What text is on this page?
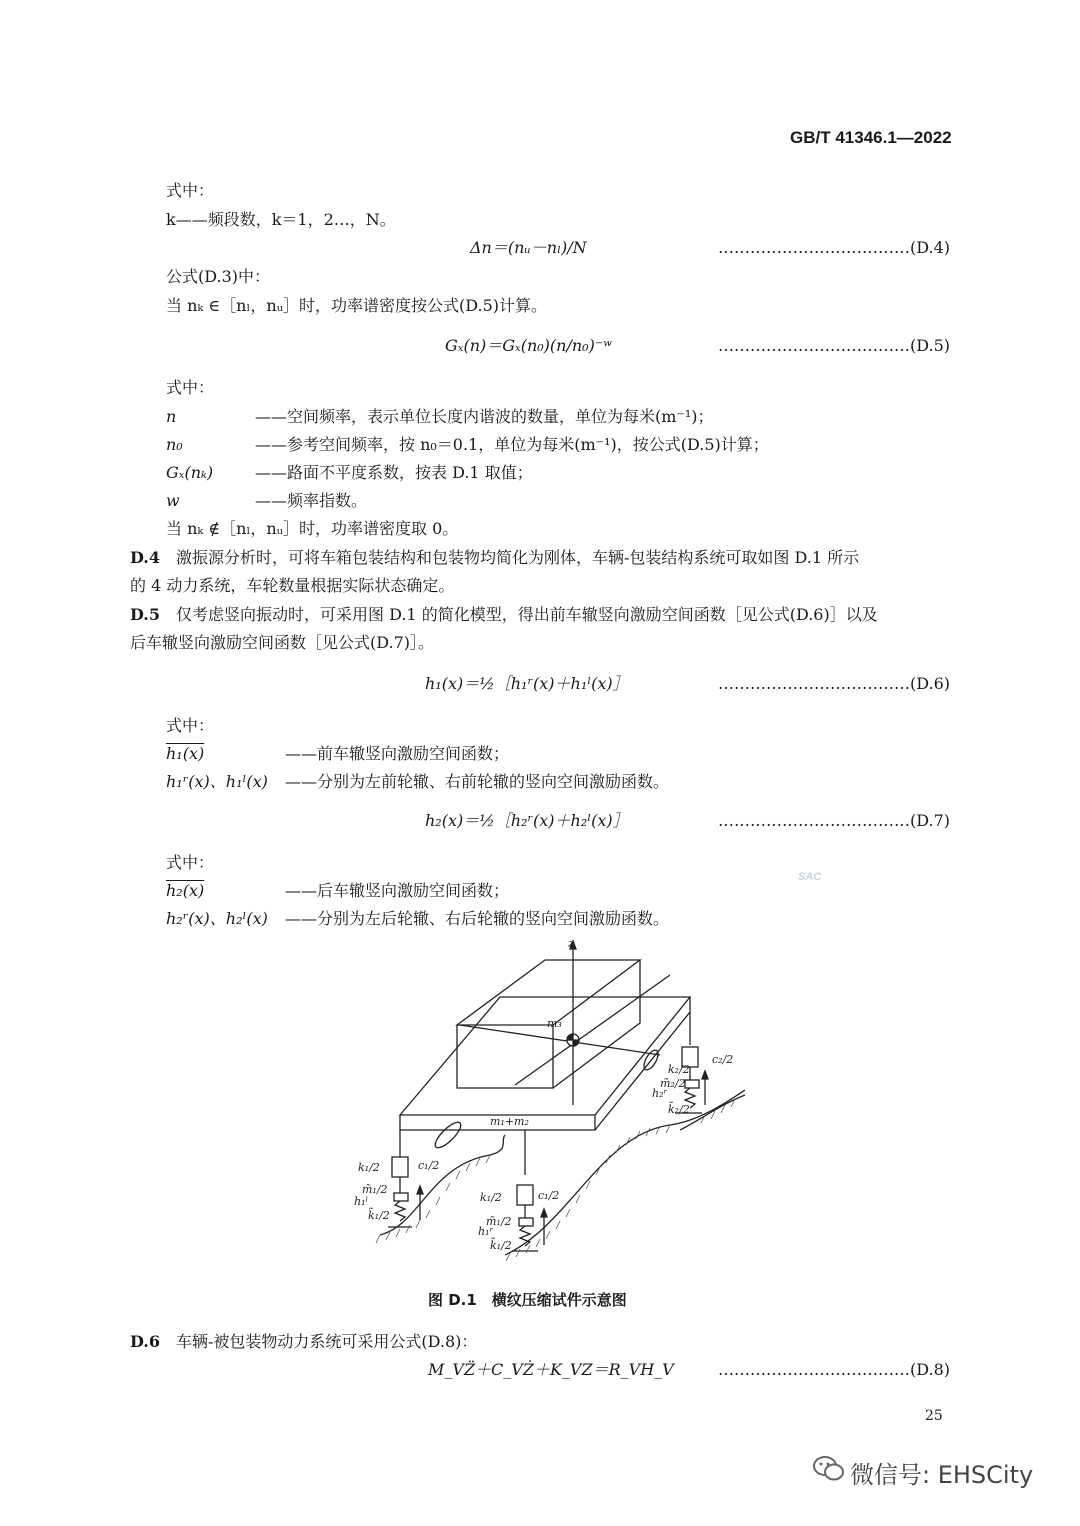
GB/T 41346.1—2022
式中：
k——频段数，k＝1，2…，N。
Δn＝(nᵤ－nₗ)/N	………………………………(D.4)
公式(D.3)中：
当 nₖ ∈［nₗ，nᵤ］时，功率谱密度按公式(D.5)计算。
Gₓ(n)＝Gₓ(n₀)(n/n₀)⁻ʷ	………………………………(D.5)
式中：
n	——空间频率，表示单位长度内谐波的数量，单位为每米(m⁻¹)；
n₀	——参考空间频率，按 n₀＝0.1，单位为每米(m⁻¹)，按公式(D.5)计算；
Gₓ(nₖ)	——路面不平度系数，按表 D.1 取值；
w	——频率指数。
当 nₖ ∉［nₗ，nᵤ］时，功率谱密度取 0。
D.4 激振源分析时，可将车箱包装结构和包装物均简化为刚体，车辆-包装结构系统可取如图 D.1 所示
的 4 动力系统，车轮数量根据实际状态确定。
D.5 仅考虑竖向振动时，可采用图 D.1 的简化模型，得出前车辙竖向激励空间函数［见公式(D.6)］以及
后车辙竖向激励空间函数［见公式(D.7)］。
h₁(x)＝½［h₁ʳ(x)＋h₁ˡ(x)］	………………………………(D.6)
式中：
h₁(x)	——前车辙竖向激励空间函数；
h₁ʳ(x)、h₁ˡ(x) ——分别为左前轮辙、右前轮辙的竖向空间激励函数。
h₂(x)＝½［h₂ʳ(x)＋h₂ˡ(x)］	………………………………(D.7)
式中：
h₂(x)	——后车辙竖向激励空间函数；
h₂ʳ(x)、h₂ˡ(x) ——分别为左后轮辙、右后轮辙的竖向空间激励函数。
z
m₃
m₁+m₂
k₂/2
c₂/2
m̃₂/2
h₂ʳ
k̃₂/2
k₁/2	c₁/2
m̃₁/2
h₁ˡ
k̃₁/2
k₁/2	c₁/2
m̃₁/2
h₁ʳ
k̃₁/2
SAC
图 D.1　横纹压缩试件示意图
D.6 车辆-被包装物动力系统可采用公式(D.8)：
M_VZ̈＋C_VŻ＋K_VZ＝R_VH_V	………………………………(D.8)
25
微信号: EHSCity
